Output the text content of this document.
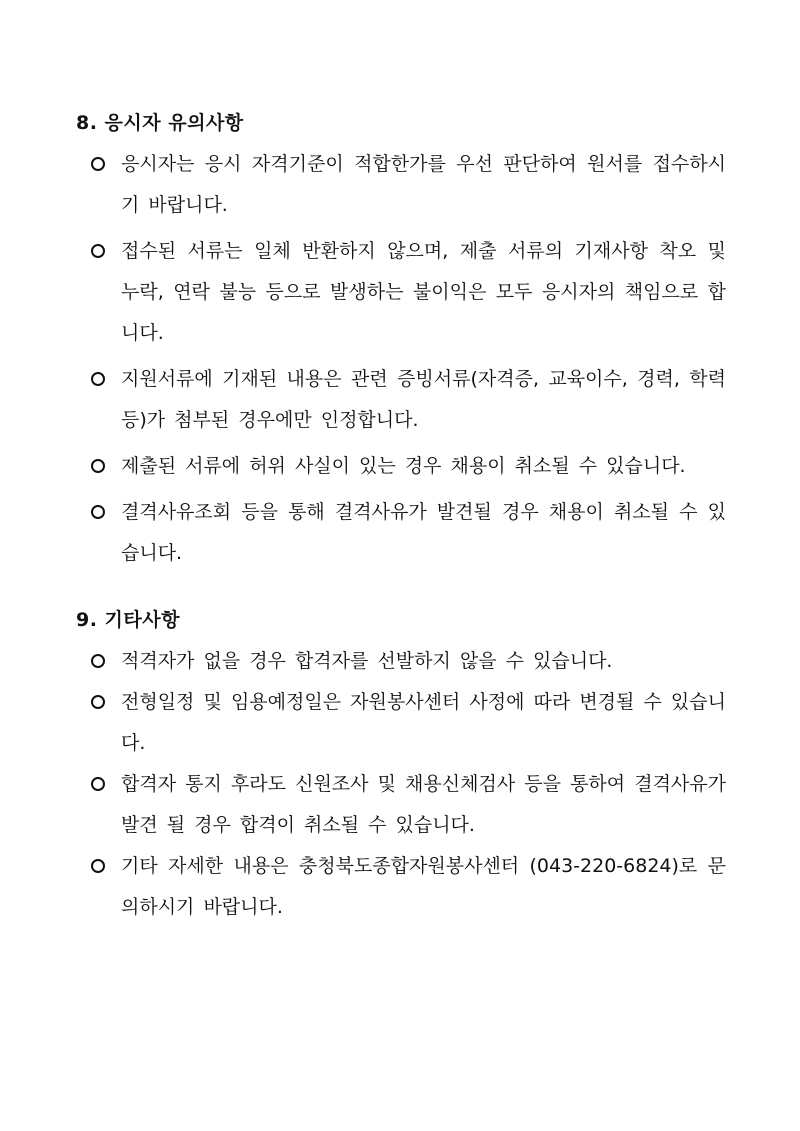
8. 응시자 유의사항
응시자는 응시 자격기준이 적합한가를 우선 판단하여 원서를 접수하시기 바랍니다.
접수된 서류는 일체 반환하지 않으며, 제출 서류의 기재사항 착오 및 누락, 연락 불능 등으로 발생하는 불이익은 모두 응시자의 책임으로 합니다.
지원서류에 기재된 내용은 관련 증빙서류(자격증, 교육이수, 경력, 학력 등)가 첨부된 경우에만 인정합니다.
제출된 서류에 허위 사실이 있는 경우 채용이 취소될 수 있습니다.
결격사유조회 등을 통해 결격사유가 발견될 경우 채용이 취소될 수 있습니다.
9. 기타사항
적격자가 없을 경우 합격자를 선발하지 않을 수 있습니다.
전형일정 및 임용예정일은 자원봉사센터 사정에 따라 변경될 수 있습니다.
합격자 통지 후라도 신원조사 및 채용신체검사 등을 통하여 결격사유가 발견 될 경우 합격이 취소될 수 있습니다.
기타 자세한 내용은 충청북도종합자원봉사센터 (043-220-6824)로 문의하시기 바랍니다.
